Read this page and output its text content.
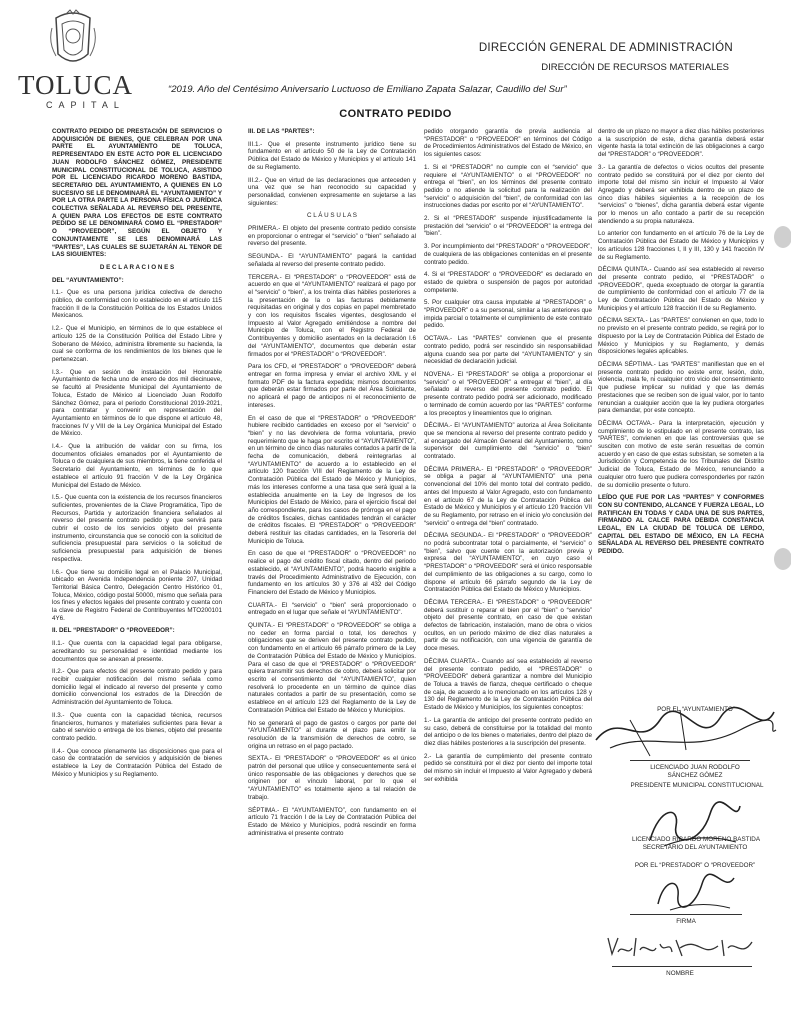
TOLUCA
CAPITAL
DIRECCIÓN GENERAL DE ADMINISTRACIÓN
DIRECCIÓN DE RECURSOS MATERIALES
“2019. Año del Centésimo Aniversario Luctuoso de Emiliano Zapata Salazar, Caudillo del Sur”
CONTRATO PEDIDO

CONTRATO PEDIDO DE PRESTACIÓN DE SERVICIOS O ADQUISICIÓN DE BIENES, QUE CELEBRAN POR UNA PARTE EL AYUNTAMIENTO DE TOLUCA, REPRESENTADO EN ESTE ACTO POR EL LICENCIADO JUAN RODOLFO SÁNCHEZ GÓMEZ, PRESIDENTE MUNICIPAL CONSTITUCIONAL DE TOLUCA, ASISTIDO POR EL LICENCIADO RICARDO MORENO BASTIDA, SECRETARIO DEL AYUNTAMIENTO, A QUIENES EN LO SUCESIVO SE LE DENOMINARÁ EL “AYUNTAMIENTO” Y POR LA OTRA PARTE LA PERSONA FÍSICA O JURÍDICA COLECTIVA SEÑALADA AL REVERSO DEL PRESENTE, A QUIEN PARA LOS EFECTOS DE ESTE CONTRATO PEDIDO SE LE DENOMINARÁ COMO EL “PRESTADOR” O “PROVEEDOR”, SEGÚN EL OBJETO Y CONJUNTAMENTE SE LES DENOMINARÁ LAS “PARTES”, LAS CUALES SE SUJETARÁN AL TENOR DE LAS SIGUIENTES:

D E C L A R A C I O N E S

DEL “AYUNTAMIENTO”:

I.1.- Que es una persona jurídica colectiva de derecho público, de conformidad con lo establecido en el artículo 115 fracción II de la Constitución Política de los Estados Unidos Mexicanos.

I.2.- Que el Municipio, en términos de lo que establece el artículo 125 de la Constitución Política del Estado Libre y Soberano de México, administra libremente su hacienda, la cual se conforma de los rendimientos de los bienes que le pertenezcan.

I.3.- Que en sesión de instalación del Honorable Ayuntamiento de fecha uno de enero de dos mil diecinueve, se facultó al Presidente Municipal del Ayuntamiento de Toluca, Estado de México al Licenciado Juan Rodolfo Sánchez Gómez, para el periodo Constitucional 2019-2021, para contratar y convenir en representación del Ayuntamiento en términos de lo que dispone el artículo 48, fracciones IV y VIII de la Ley Orgánica Municipal del Estado de México.

I.4.- Que la atribución de validar con su firma, los documentos oficiales emanados por el Ayuntamiento de Toluca o de cualquiera de sus miembros, la tiene conferida el Secretario del Ayuntamiento, en términos de lo que establece el artículo 91 fracción V de la Ley Orgánica Municipal del Estado de México.

I.5.- Que cuenta con la existencia de los recursos financieros suficientes, provenientes de la Clave Programática, Tipo de Recursos, Partida y autorización financiera señalados al reverso del presente contrato pedido y que servirá para cubrir el costo de los servicios objeto del presente instrumento, circunstancia que se conoció con la solicitud de suficiencia presupuestal para servicios o la solicitud de suficiencia presupuestal para adquisición de bienes respectiva.

I.6.- Que tiene su domicilio legal en el Palacio Municipal, ubicado en Avenida Independencia poniente 207, Unidad Territorial Básica Centro, Delegación Centro Histórico 01, Toluca, México, código postal 50000, mismo que señala para los fines y efectos legales del presente contrato y cuenta con la clave de Registro Federal de Contribuyentes MTO200101 4Y6.

II. DEL “PRESTADOR” O “PROVEEDOR”:

II.1.- Que cuenta con la capacidad legal para obligarse, acreditando su personalidad e identidad mediante los documentos que se anexan al presente.

II.2.- Que para efectos del presente contrato pedido y para recibir cualquier notificación del mismo señala como domicilio legal el indicado al reverso del presente y como domicilio convencional los estrados de la Dirección de Administración del Ayuntamiento de Toluca.

II.3.- Que cuenta con la capacidad técnica, recursos financieros, humanos y materiales suficientes para llevar a cabo el servicio o entrega de los bienes, objeto del presente contrato pedido.

II.4.- Que conoce plenamente las disposiciones que para el caso de contratación de servicios y adquisición de bienes establece la Ley de Contratación Pública del Estado de México y Municipios y su Reglamento.

III. DE LAS “PARTES”:

III.1.- Que el presente instrumento jurídico tiene su fundamento en el artículo 50 de la Ley de Contratación Pública del Estado de México y Municipios y el artículo 141 de su Reglamento.

III.2.- Que en virtud de las declaraciones que anteceden y una vez que se han reconocido su capacidad y personalidad, convienen expresamente en sujetarse a las siguientes:

C L Á U S U L A S

PRIMERA.- El objeto del presente contrato pedido consiste en proporcionar o entregar el “servicio” o “bien” señalado al reverso del presente.

SEGUNDA.- El “AYUNTAMIENTO” pagará la cantidad señalada al reverso del presente contrato pedido.

TERCERA.- El “PRESTADOR” o “PROVEEDOR” está de acuerdo en que el “AYUNTAMIENTO” realizará el pago por el “servicio” o “bien”, a los treinta días hábiles posteriores a la presentación de la o las facturas debidamente requisitadas en original y dos copias en papel membretado y con los requisitos fiscales vigentes, desglosando el Impuesto al Valor Agregado emitiéndose a nombre del Municipio de Toluca, con el Registro Federal de Contribuyentes y domicilio asentados en la declaración I.6 del “AYUNTAMIENTO”, documentos que deberán estar firmados por el “PRESTADOR” o “PROVEEDOR”.

Para los CFD, el “PRESTADOR” o “PROVEEDOR” deberá entregar en forma impresa y enviar el archivo XML y el formato PDF de la factura expedida; mismos documentos que deberán estar firmados por parte del Área Solicitante, no aplicará el pago de anticipos ni el reconocimiento de intereses.

En el caso de que el “PRESTADOR” o “PROVEEDOR” hubiere recibido cantidades en exceso por el “servicio” o “bien” y no las devolviera de forma voluntaria, previo requerimiento que le haga por escrito el “AYUNTAMIENTO”, en un término de cinco días naturales contados a partir de la fecha de comunicación, deberá reintegrarlas al “AYUNTAMIENTO” de acuerdo a lo establecido en el artículo 120 fracción VIII del Reglamento de la Ley de Contratación Pública del Estado de México y Municipios, más los intereses conforme a una tasa que será igual a la establecida anualmente en la Ley de Ingresos de los Municipios del Estado de México, para el ejercicio fiscal del año correspondiente, para los casos de prórroga en el pago de créditos fiscales, dichas cantidades tendrán el carácter de créditos fiscales. El “PRESTADOR” o “PROVEEDOR” deberá restituir las citadas cantidades, en la Tesorería del Municipio de Toluca.

En caso de que el “PRESTADOR” o “PROVEEDOR” no realice el pago del crédito fiscal citado, dentro del periodo establecido, el “AYUNTAMIENTO”, podrá hacerlo exigible a través del Procedimiento Administrativo de Ejecución, con fundamento en los artículos 30 y 376 al 432 del Código Financiero del Estado de México y Municipios.

CUARTA.- El “servicio” o “bien” será proporcionado o entregado en el lugar que señale el “AYUNTAMIENTO”.

QUINTA.- El “PRESTADOR” o “PROVEEDOR” se obliga a no ceder en forma parcial o total, los derechos y obligaciones que se deriven del presente contrato pedido, con fundamento en el artículo 66 párrafo primero de la Ley de Contratación Pública del Estado de México y Municipios. Para el caso de que el “PRESTADOR” o “PROVEEDOR” quiera transmitir sus derechos de cobro, deberá solicitar por escrito el consentimiento del “AYUNTAMIENTO”, quien resolverá lo procedente en un término de quince días naturales contados a partir de su presentación, como se establece en el artículo 123 del Reglamento de la Ley de Contratación Pública del Estado de México y Municipios.

No se generará el pago de gastos o cargos por parte del “AYUNTAMIENTO” al durante el plazo para emitir la resolución de la transmisión de derechos de cobro, se origina un retraso en el pago pactado.

SEXTA.- El “PRESTADOR” o “PROVEEDOR” es el único patrón del personal que utilice y consecuentemente será el único responsable de las obligaciones y derechos que se originen por el vínculo laboral, por lo que el “AYUNTAMIENTO” es totalmente ajeno a tal relación de trabajo.

SÉPTIMA.- El “AYUNTAMIENTO”, con fundamento en el artículo 71 fracción I de la Ley de Contratación Pública del Estado de México y Municipios, podrá rescindir en forma administrativa el presente contrato

pedido otorgando garantía de previa audiencia al “PRESTADOR” o “PROVEEDOR” en términos del Código de Procedimientos Administrativos del Estado de México, en los siguientes casos:

1. Si el “PRESTADOR” no cumple con el “servicio” que requiere el “AYUNTAMIENTO” o el “PROVEEDOR” no entrega el “bien”, en los términos del presente contrato pedido o no atiende la solicitud para la realización del “servicio” o adquisición del “bien”, de conformidad con las instrucciones dadas por escrito por el “AYUNTAMIENTO”.

2. Si el “PRESTADOR” suspende injustificadamente la prestación del “servicio” o el “PROVEEDOR” la entrega del “bien”.

3. Por incumplimiento del “PRESTADOR” o “PROVEEDOR”, de cualquiera de las obligaciones contenidas en el presente contrato pedido.

4. Si el “PRESTADOR” o “PROVEEDOR” es declarado en estado de quiebra o suspensión de pagos por autoridad competente.

5. Por cualquier otra causa imputable al “PRESTADOR” o “PROVEEDOR” o a su personal, similar a las anteriores que impida parcial o totalmente el cumplimiento de este contrato pedido.

OCTAVA.- Las “PARTES” convienen que el presente contrato pedido, podrá ser rescindido sin responsabilidad alguna cuando sea por parte del “AYUNTAMIENTO” y sin necesidad de declaración judicial.

NOVENA.- El “PRESTADOR” se obliga a proporcionar el “servicio” o el “PROVEEDOR” a entregar el “bien”, al día señalado al reverso del presente contrato pedido. El presente contrato pedido podrá ser adicionado, modificado o terminado de común acuerdo por las “PARTES” conforme a los preceptos y lineamientos que lo originan.

DÉCIMA.- El “AYUNTAMIENTO” autoriza al Área Solicitante que se menciona al reverso del presente contrato pedido y al encargado del Almacén General del Ayuntamiento, como supervisor del cumplimiento del “servicio” o “bien” contratado.

DÉCIMA PRIMERA.- El “PRESTADOR” o “PROVEEDOR” se obliga a pagar al “AYUNTAMIENTO” una pena convencional del 10% del monto total del contrato pedido, antes del Impuesto al Valor Agregado, esto con fundamento en el artículo 67 de la Ley de Contratación Pública del Estado de México y Municipios y el artículo 120 fracción VII de su Reglamento, por retraso en el inicio y/o conclusión del “servicio” o entrega del “bien” contratado.

DÉCIMA SEGUNDA.- El “PRESTADOR” o “PROVEEDOR” no podrá subcontratar total o parcialmente, el “servicio” o “bien”, salvo que cuente con la autorización previa y expresa del “AYUNTAMIENTO”, en cuyo caso el “PRESTADOR” o “PROVEEDOR” será el único responsable del cumplimiento de las obligaciones a su cargo, como lo dispone el artículo 66 párrafo segundo de la Ley de Contratación Pública del Estado de México y Municipios.

DÉCIMA TERCERA.- El “PRESTADOR” o “PROVEEDOR” deberá sustituir o reparar el bien por el “bien” o “servicio” objeto del presente contrato, en caso de que existan defectos de fabricación, instalación, mano de obra o vicios ocultos, en un periodo máximo de diez días naturales a partir de su notificación, con una vigencia de garantía de doce meses.

DÉCIMA CUARTA.- Cuando así sea establecido al reverso del presente contrato pedido, el “PRESTADOR” o “PROVEEDOR” deberá garantizar a nombre del Municipio de Toluca a través de fianza, cheque certificado o cheque de caja, de acuerdo a lo mencionado en los artículos 128 y 130 del Reglamento de la Ley de Contratación Pública del Estado de México y Municipios, los siguientes conceptos:

1.- La garantía de anticipo del presente contrato pedido en su caso, deberá de constituirse por la totalidad del monto del anticipo o de los bienes o materiales, dentro del plazo de diez días hábiles posteriores a la suscripción del presente.

2.- La garantía de cumplimiento del presente contrato pedido se constituirá por el diez por ciento del importe total del mismo sin incluir el Impuesto al Valor Agregado y deberá ser exhibida

dentro de un plazo no mayor a diez días hábiles posteriores a la suscripción de este, dicha garantía deberá estar vigente hasta la total extinción de las obligaciones a cargo del “PRESTADOR” o “PROVEEDOR”.

3.- La garantía de defectos o vicios ocultos del presente contrato pedido se constituirá por el diez por ciento del importe total del mismo sin incluir el Impuesto al Valor Agregado y deberá ser exhibida dentro de un plazo de cinco días hábiles siguientes a la recepción de los “servicios” o “bienes”, dicha garantía deberá estar vigente por lo menos un año contado a partir de su recepción atendiendo a su propia naturaleza.

Lo anterior con fundamento en el artículo 76 de la Ley de Contratación Pública del Estado de México y Municipios y los artículos 128 fracciones I, II y III, 130 y 141 fracción IV de su Reglamento.

DÉCIMA QUINTA.- Cuando así sea establecido al reverso del presente contrato pedido, el “PRESTADOR” o “PROVEEDOR”, queda exceptuado de otorgar la garantía de cumplimiento de conformidad con el artículo 77 de la Ley de Contratación Pública del Estado de México y Municipios y el artículo 128 fracción II de su Reglamento.

DÉCIMA SEXTA.- Las “PARTES” convienen en que, todo lo no previsto en el presente contrato pedido, se regirá por lo dispuesto por la Ley de Contratación Pública del Estado de México y Municipios y su Reglamento, y demás disposiciones legales aplicables.

DÉCIMA SÉPTIMA.- Las “PARTES” manifiestan que en el presente contrato pedido no existe error, lesión, dolo, violencia, mala fe, ni cualquier otro vicio del consentimiento que pudiese implicar su nulidad y que las demás prestaciones que se reciben son de igual valor, por lo tanto renuncian a cualquier acción que la ley pudiera otorgarles para demandar, por este concepto.

DÉCIMA OCTAVA.- Para la interpretación, ejecución y cumplimiento de lo estipulado en el presente contrato, las “PARTES”, convienen en que las controversias que se susciten con motivo de este serán resueltas de común acuerdo y en caso de que estas subsistan, se someten a la Jurisdicción y Competencia de los Tribunales del Distrito Judicial de Toluca, Estado de México, renunciando a cualquier otro fuero que pudiera corresponderles por razón de su domicilio presente o futuro.

LEÍDO QUE FUE POR LAS “PARTES” Y CONFORMES CON SU CONTENIDO, ALCANCE Y FUERZA LEGAL, LO RATIFICAN EN TODAS Y CADA UNA DE SUS PARTES, FIRMANDO AL CALCE PARA DEBIDA CONSTANCIA LEGAL, EN LA CIUDAD DE TOLUCA DE LERDO, CAPITAL DEL ESTADO DE MÉXICO, EN LA FECHA SEÑALADA AL REVERSO DEL PRESENTE CONTRATO PEDIDO.

POR EL “AYUNTAMIENTO”
LICENCIADO JUAN RODOLFO
SÁNCHEZ GÓMEZ
PRESIDENTE MUNICIPAL CONSTITUCIONAL
LICENCIADO RICARDO MORENO BASTIDA
SECRETARIO DEL AYUNTAMIENTO
POR EL “PRESTADOR” O “PROVEEDOR”
FIRMA
NOMBRE
